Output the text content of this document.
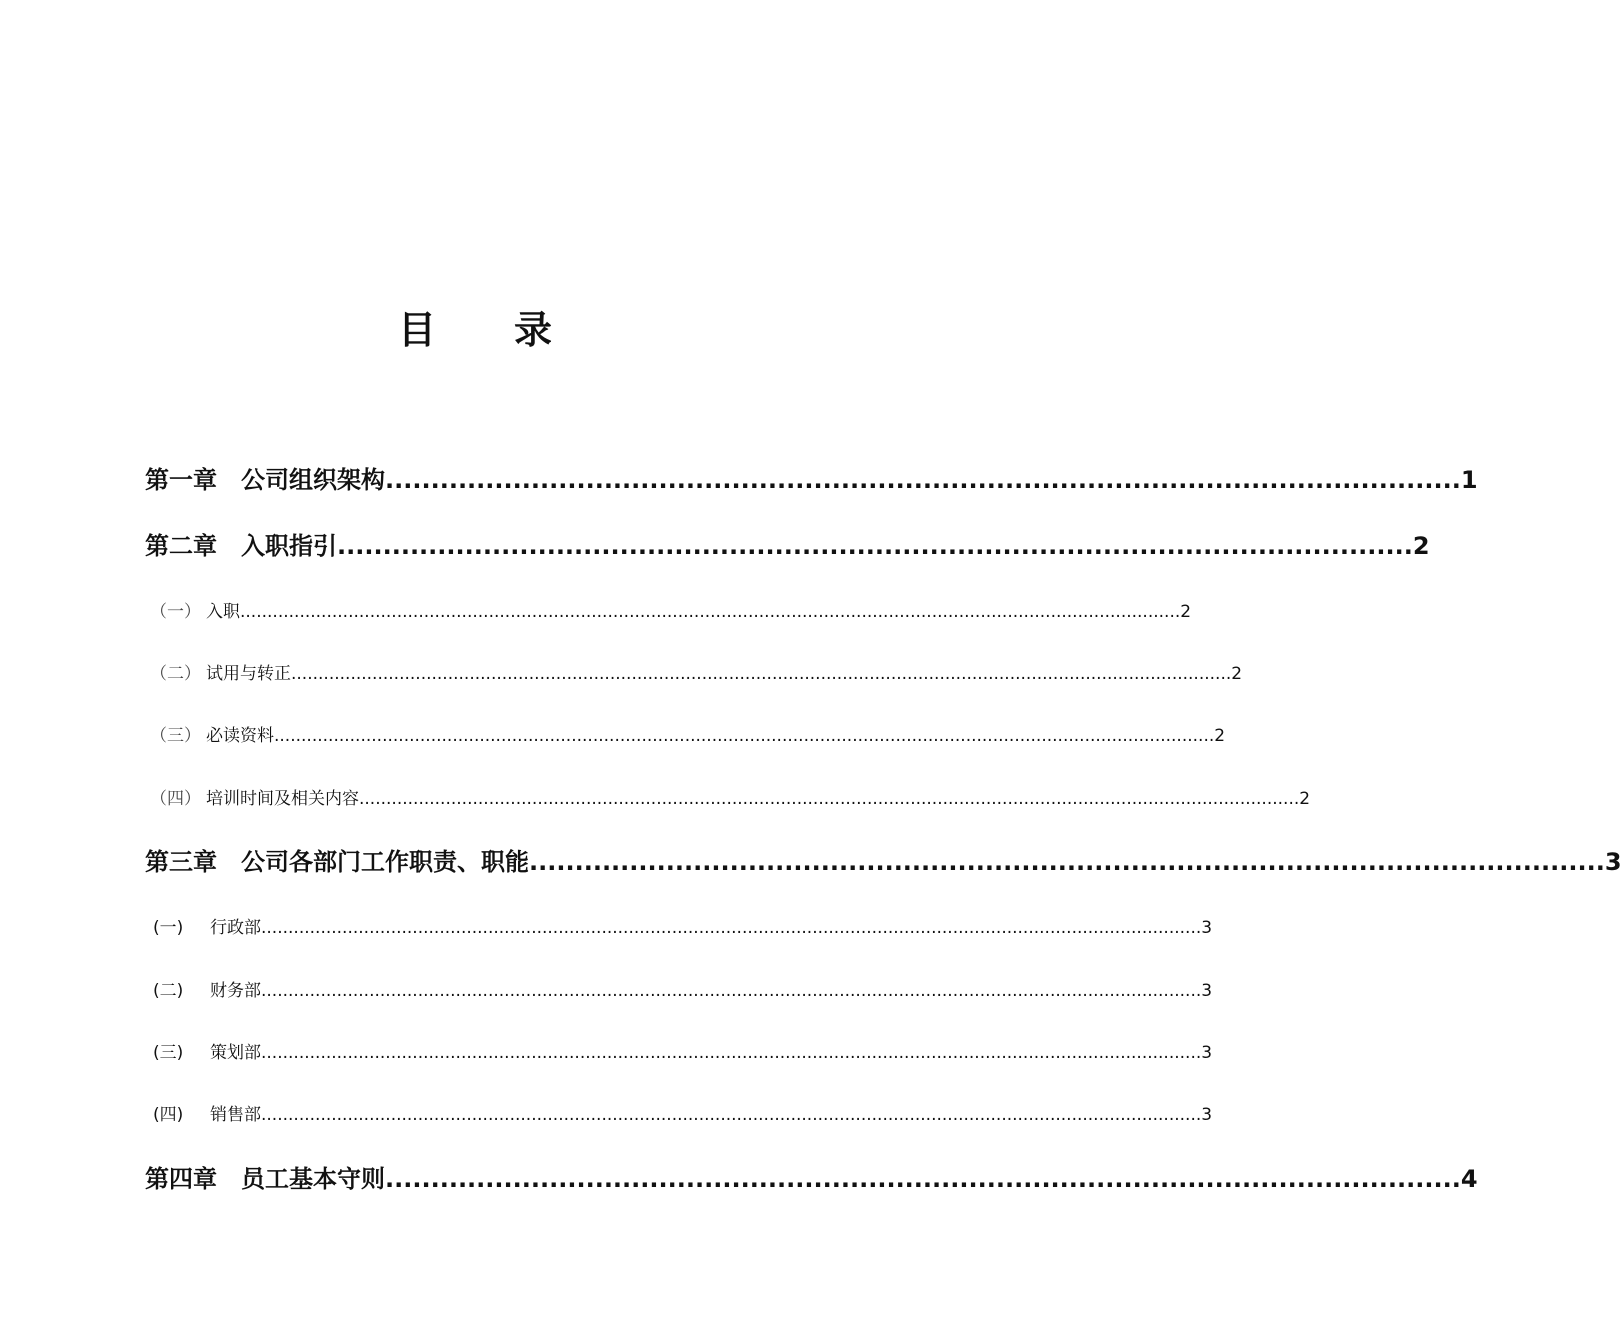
目 录
第一章 公司组织架构 ...................................................................................................................... 1
第二章 入职指引 ...................................................................................................................... 2
（一） 入职 .............................................................................................................................................................................. 2
（二） 试用与转正 .............................................................................................................................................................................. 2
（三） 必读资料 .............................................................................................................................................................................. 2
（四） 培训时间及相关内容 .............................................................................................................................................................................. 2
第三章 公司各部门工作职责、职能 ...................................................................................................................... 3
(一)	行政部 .............................................................................................................................................................................. 3
(二)	财务部 .............................................................................................................................................................................. 3
(三)	策划部 .............................................................................................................................................................................. 3
(四)	销售部 .............................................................................................................................................................................. 3
第四章 员工基本守则 ...................................................................................................................... 4
